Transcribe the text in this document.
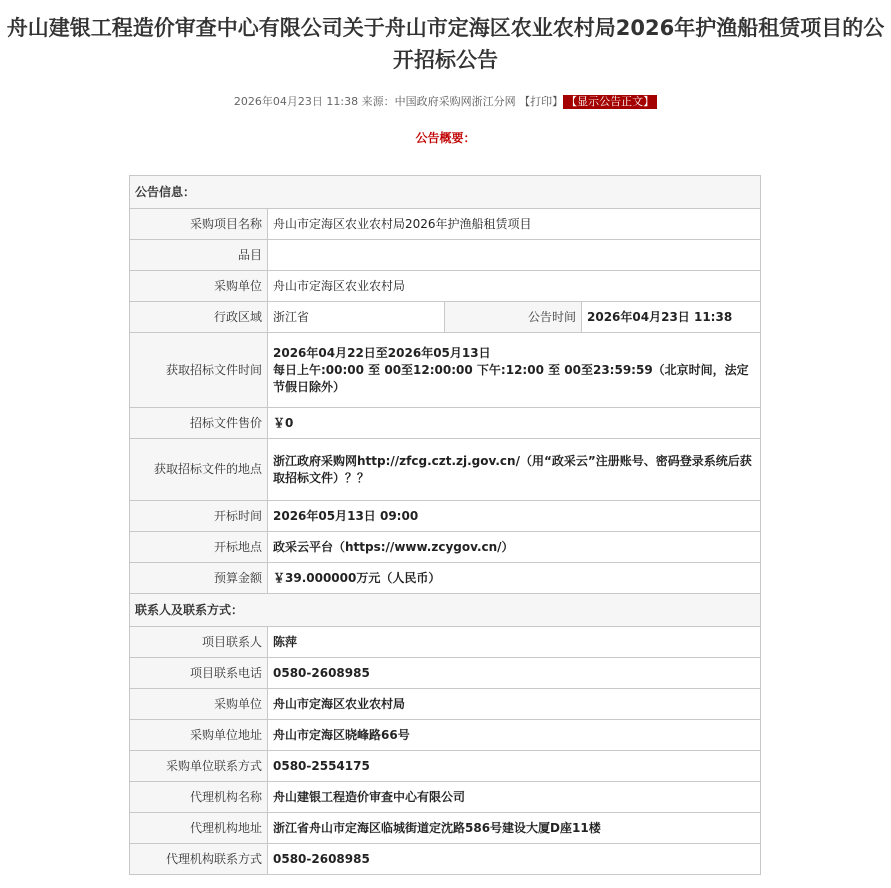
舟山建银工程造价审查中心有限公司关于舟山市定海区农业农村局2026年护渔船租赁项目的公开招标公告
2026年04月23日 11:38 来源：中国政府采购网浙江分网 【打印】 【显示公告正文】
公告概要：
公告信息：			
采购项目名称	舟山市定海区农业农村局2026年护渔船租赁项目		
品目			
采购单位	舟山市定海区农业农村局		
行政区域	浙江省	公告时间	2026年04月23日 11:38
获取招标文件时间	2026年04月22日至2026年05月13日
每日上午:00:00 至 00至12:00:00 下午:12:00 至 00至23:59:59（北京时间，法定节假日除外）		

招标文件售价	￥0		
获取招标文件的地点	浙江政府采购网http://zfcg.czt.zj.gov.cn/（用“政采云”注册账号、密码登录系统后获取招标文件）？？		
开标时间	2026年05月13日 09:00		
开标地点	政采云平台（https://www.zcygov.cn/）		
预算金额	￥39.000000万元（人民币）		
联系人及联系方式：			
项目联系人	陈萍		
项目联系电话	0580-2608985		
采购单位	舟山市定海区农业农村局		
采购单位地址	舟山市定海区晓峰路66号		
采购单位联系方式	0580-2554175		
代理机构名称	舟山建银工程造价审查中心有限公司		
代理机构地址	浙江省舟山市定海区临城街道定沈路586号建设大厦D座11楼		
代理机构联系方式	0580-2608985		
